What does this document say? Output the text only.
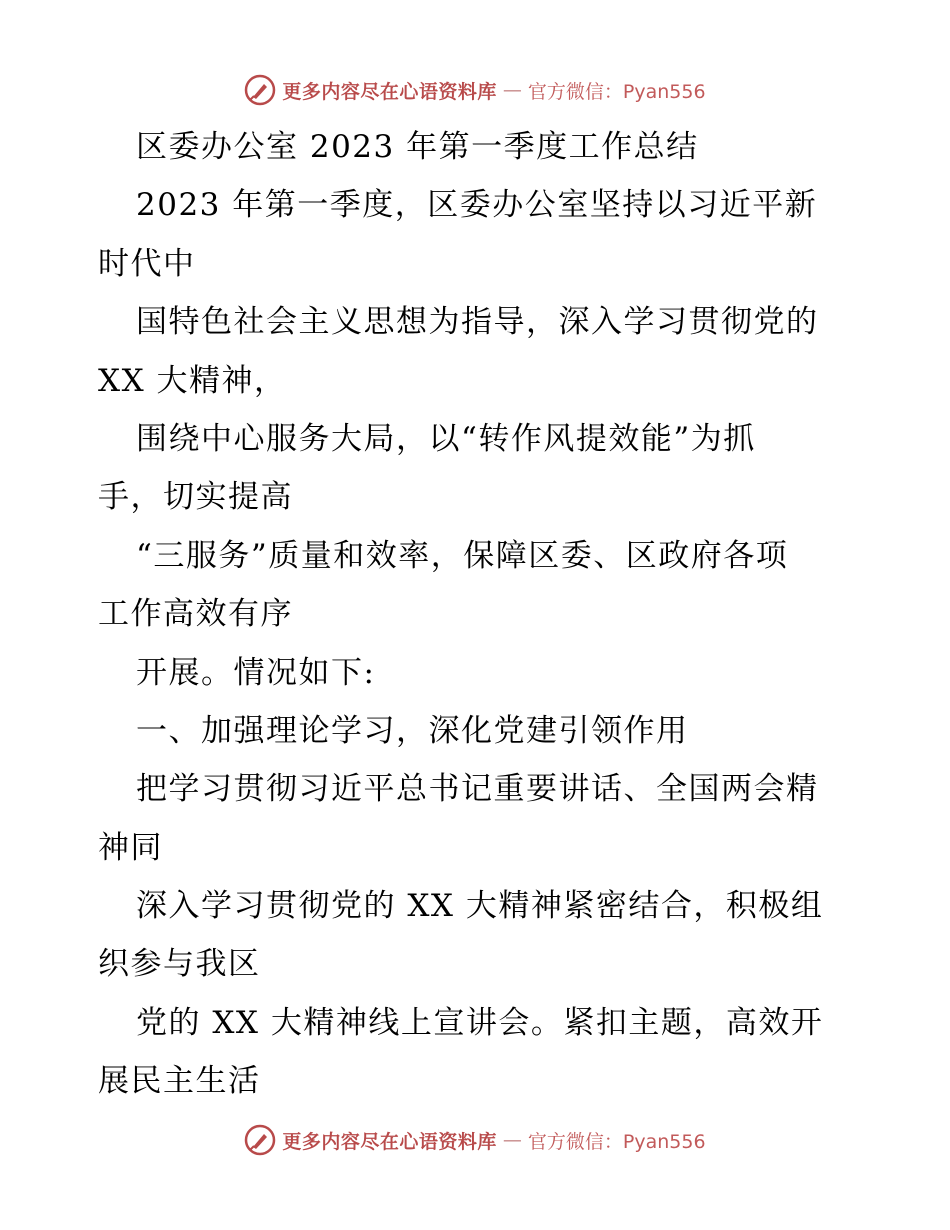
更多内容尽在心语资料库 — 官方微信：Pyan556
区委办公室 2023 年第一季度工作总结
2023 年第一季度，区委办公室坚持以习近平新
时代中
国特色社会主义思想为指导，深入学习贯彻党的
XX 大精神，
围绕中心服务大局，以“转作风提效能”为抓
手，切实提高
“三服务”质量和效率，保障区委、区政府各项
工作高效有序
开展。情况如下:
一、加强理论学习，深化党建引领作用
把学习贯彻习近平总书记重要讲话、全国两会精
神同
深入学习贯彻党的 XX 大精神紧密结合，积极组
织参与我区
党的 XX 大精神线上宣讲会。紧扣主题，高效开
展民主生活
更多内容尽在心语资料库 — 官方微信：Pyan556
